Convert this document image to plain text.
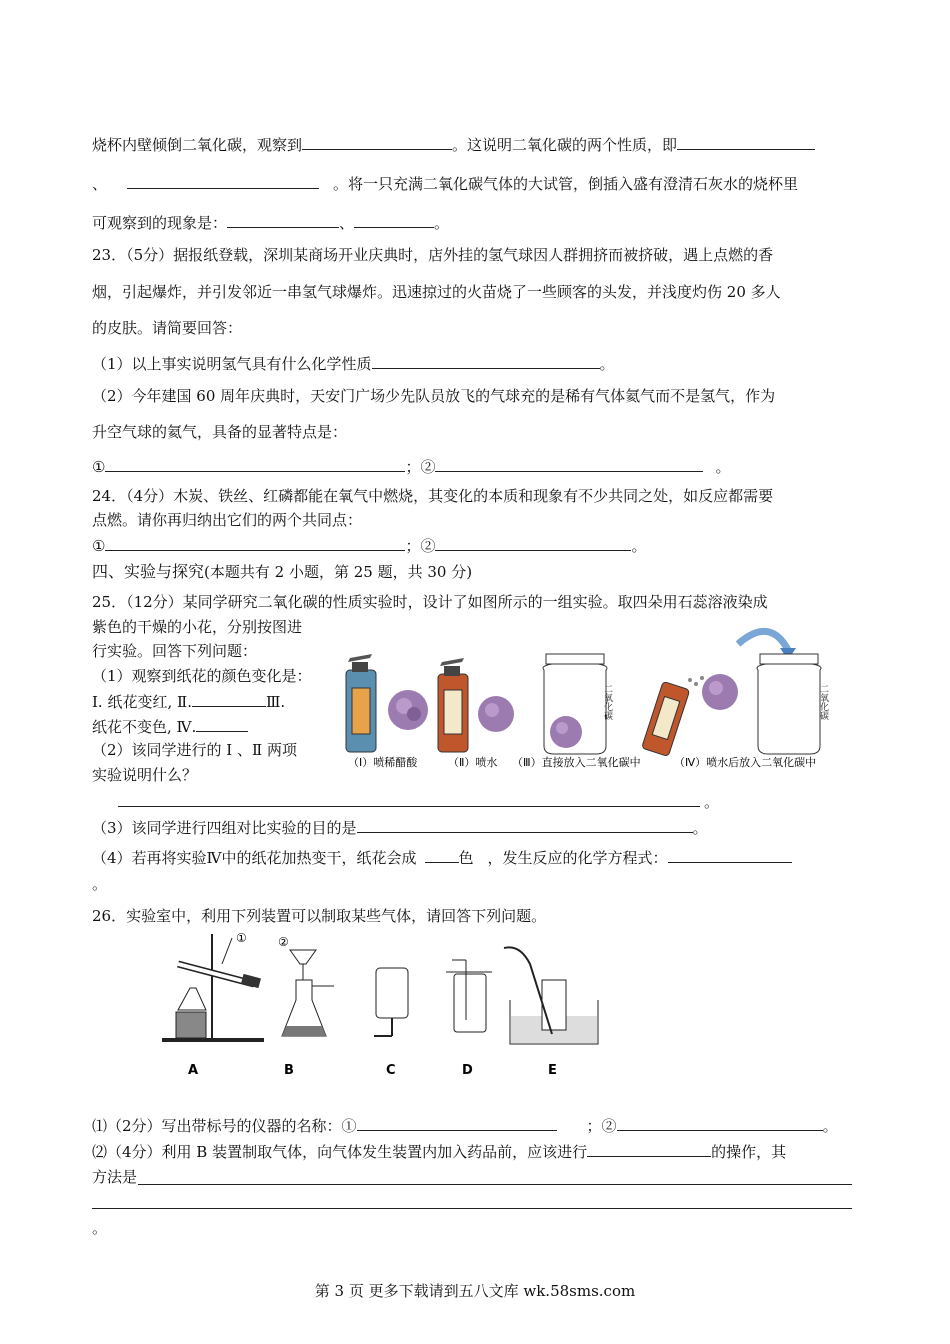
烧杯内壁倾倒二氧化碳，观察到	。这说明二氧化碳的两个性质，即
、	。将一只充满二氧化碳气体的大试管，倒插入盛有澄清石灰水的烧杯里
可观察到的现象是：	、	。
23．（5分）据报纸登载，深圳某商场开业庆典时，店外挂的氢气球因人群拥挤而被挤破，遇上点燃的香
烟，引起爆炸，并引发邻近一串氢气球爆炸。迅速掠过的火苗烧了一些顾客的头发，并浅度灼伤 20 多人
的皮肤。请简要回答：
（1）以上事实说明氢气具有什么化学性质	。
（2）今年建国 60 周年庆典时，天安门广场少先队员放飞的气球充的是稀有气体氦气而不是氢气，作为
升空气球的氦气，具备的显著特点是：
①	；②	。
24．（4分）木炭、铁丝、红磷都能在氧气中燃烧，其变化的本质和现象有不少共同之处，如反应都需要
点燃。请你再归纳出它们的两个共同点：
①	；②	。
四、实验与探究(本题共有 2 小题，第 25 题，共 30 分)
25．（12分）某同学研究二氧化碳的性质实验时，设计了如图所示的一组实验。取四朵用石蕊溶液染成
紫色的干燥的小花，分别按图进
行实验。回答下列问题：
（1）观察到纸花的颜色变化是：
Ⅰ. 纸花变红, Ⅱ.	Ⅲ.
纸花不变色, Ⅳ.
（2）该同学进行的 Ⅰ 、Ⅱ 两项
实验说明什么？
。
二氧化碳	二氧化碳
（Ⅰ）喷稀醋酸	（Ⅱ）喷水 （Ⅲ）直接放入二氧化碳中	（Ⅳ）喷水后放入二氧化碳中
（3）该同学进行四组对比实验的目的是	。
（4）若再将实验Ⅳ中的纸花加热变干，纸花会成	色 ，发生反应的化学方程式：
。
26．实验室中，利用下列装置可以制取某些气体，请回答下列问题。
①	②
A	B	C	D	E
⑴（2分）写出带标号的仪器的名称：①	；②	。
⑵（4分）利用 B 装置制取气体，向气体发生装置内加入药品前，应该进行	的操作，其
方法是
。
第 3 页 更多下载请到五八文库 wk.58sms.com
